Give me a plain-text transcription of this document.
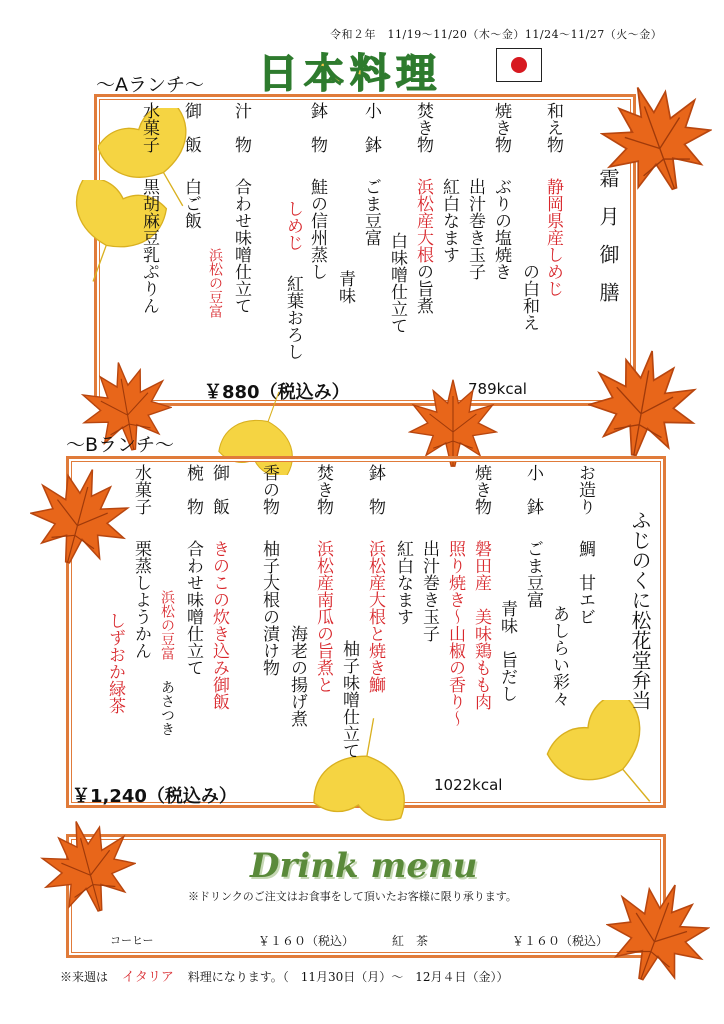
令和２年　11/19～11/20（木～金）11/24～11/27（火～金）
日本料理
～Aランチ～
霜月御膳
和え物
静岡県産しめじ
の白和え
焼き物
ぶりの塩焼き
出汁巻き玉子
紅白なます
焚き物
浜松産大根
の旨煮
白味噌仕立て
小　鉢
ごま豆富
青味
鉢　物
鮭の信州蒸し
しめじ
紅葉おろし
汁　物
合わせ味噌仕立て
浜松の豆富
御　飯
白ご飯
水菓子
黒胡麻豆乳ぷりん
￥880（税込み）	789kcal
～Bランチ～
ふじのくに松花堂弁当
お造り
鯛　甘エビ
あしらい彩々
小　鉢
ごま豆富
青味　旨だし
焼き物
磐田産　美味鶏もも肉
照り焼き～山椒の香り～
出汁巻き玉子
紅白なます
鉢　物
浜松産大根と焼き鰤
柚子味噌仕立て
焚き物
浜松産南瓜の旨煮と
海老の揚げ煮
香の物
柚子大根の漬け物
御　飯
きのこの炊き込み御飯
椀　物
合わせ味噌仕立て
浜松の豆富
あさつき
水菓子
栗蒸しようかん
しずおか緑茶
￥1,240（税込み）
1022kcal
Drink menu
※ドリンクのご注文はお食事をして頂いたお客様に限り承ります。
コーヒー	￥１６０（税込）	紅　茶	￥１６０（税込）
※来週は イタリア 料理になります。（　11月30日（月）～　12月４日（金））
